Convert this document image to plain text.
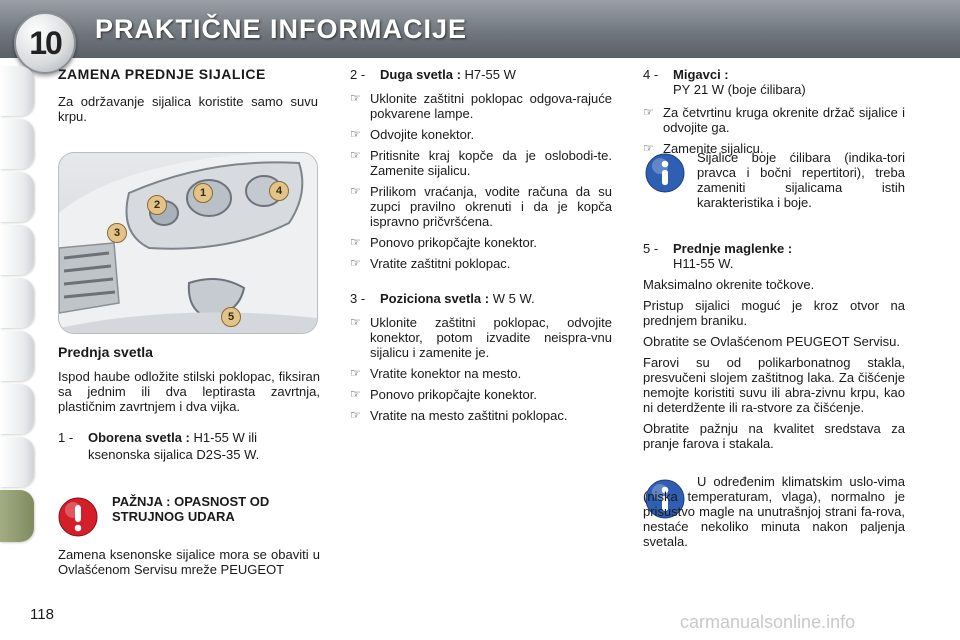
PRAKTIČNE INFORMACIJE
10
ZAMENA PREDNJE SIJALICE

Za održavanje sijalica koristite samo suvu krpu.

1
2
3
4
5
Prednja svetla

Ispod haube odložite stilski poklopac, fiksiran sa jednim ili dva leptirasta zavrtnja, plastičnim zavrtnjem i dva vijka.

1 - Oborena svetla : H1-55 W ili
ksenonska sijalica D2S-35 W.
PAŽNJA : OPASNOST OD STRUJNOG UDARA

Zamena ksenonske sijalice mora se obaviti u Ovlašćenom Servisu mreže PEUGEOT

2 - Duga svetla : H7-55 W
☞ Uklonite zaštitni poklopac odgova-rajuće pokvarene lampe.
☞ Odvojite konektor.
☞ Pritisnite kraj kopče da je oslobodi-te. Zamenite sijalicu.
☞ Prilikom vraćanja, vodite računa da su zupci pravilno okrenuti i da je kopča ispravno pričvršćena.
☞ Ponovo prikopčajte konektor.
☞ Vratite zaštitni poklopac.
3 - Poziciona svetla : W 5 W.
☞ Uklonite zaštitni poklopac, odvojite konektor, potom izvadite neispra-vnu sijalicu i zamenite je.
☞ Vratite konektor na mesto.
☞ Ponovo prikopčajte konektor.
☞ Vratite na mesto zaštitni poklopac.
4 - Migavci :
PY 21 W (boje ćilibara)
☞ Za četvrtinu kruga okrenite držač sijalice i odvojite ga.
☞ Zamenite sijalicu.

Sijalice boje ćilibara (indika-tori pravca i bočni repertitori), treba zameniti sijalicama istih karakteristika i boje.

5 - Prednje maglenke :
H11-55 W.

Maksimalno okrenite točkove.

Pristup sijalici moguć je kroz otvor na prednjem braniku.

Obratite se Ovlašćenom PEUGEOT Servisu.

Farovi su od polikarbonatnog stakla, presvučeni slojem zaštitnog laka. Za čišćenje nemojte koristiti suvu ili abra-zivnu krpu, kao ni deterdžente ili ra-stvore za čišćenje.

Obratite pažnju na kvalitet sredstava za pranje farova i stakala.

U određenim klimatskim uslo-vima (niska temperaturam, vlaga), normalno je prisustvo magle na unutrašnjoj strani fa-rova, nestaće nekoliko minuta nakon paljenja svetala.

118	carmanualsonline.info
